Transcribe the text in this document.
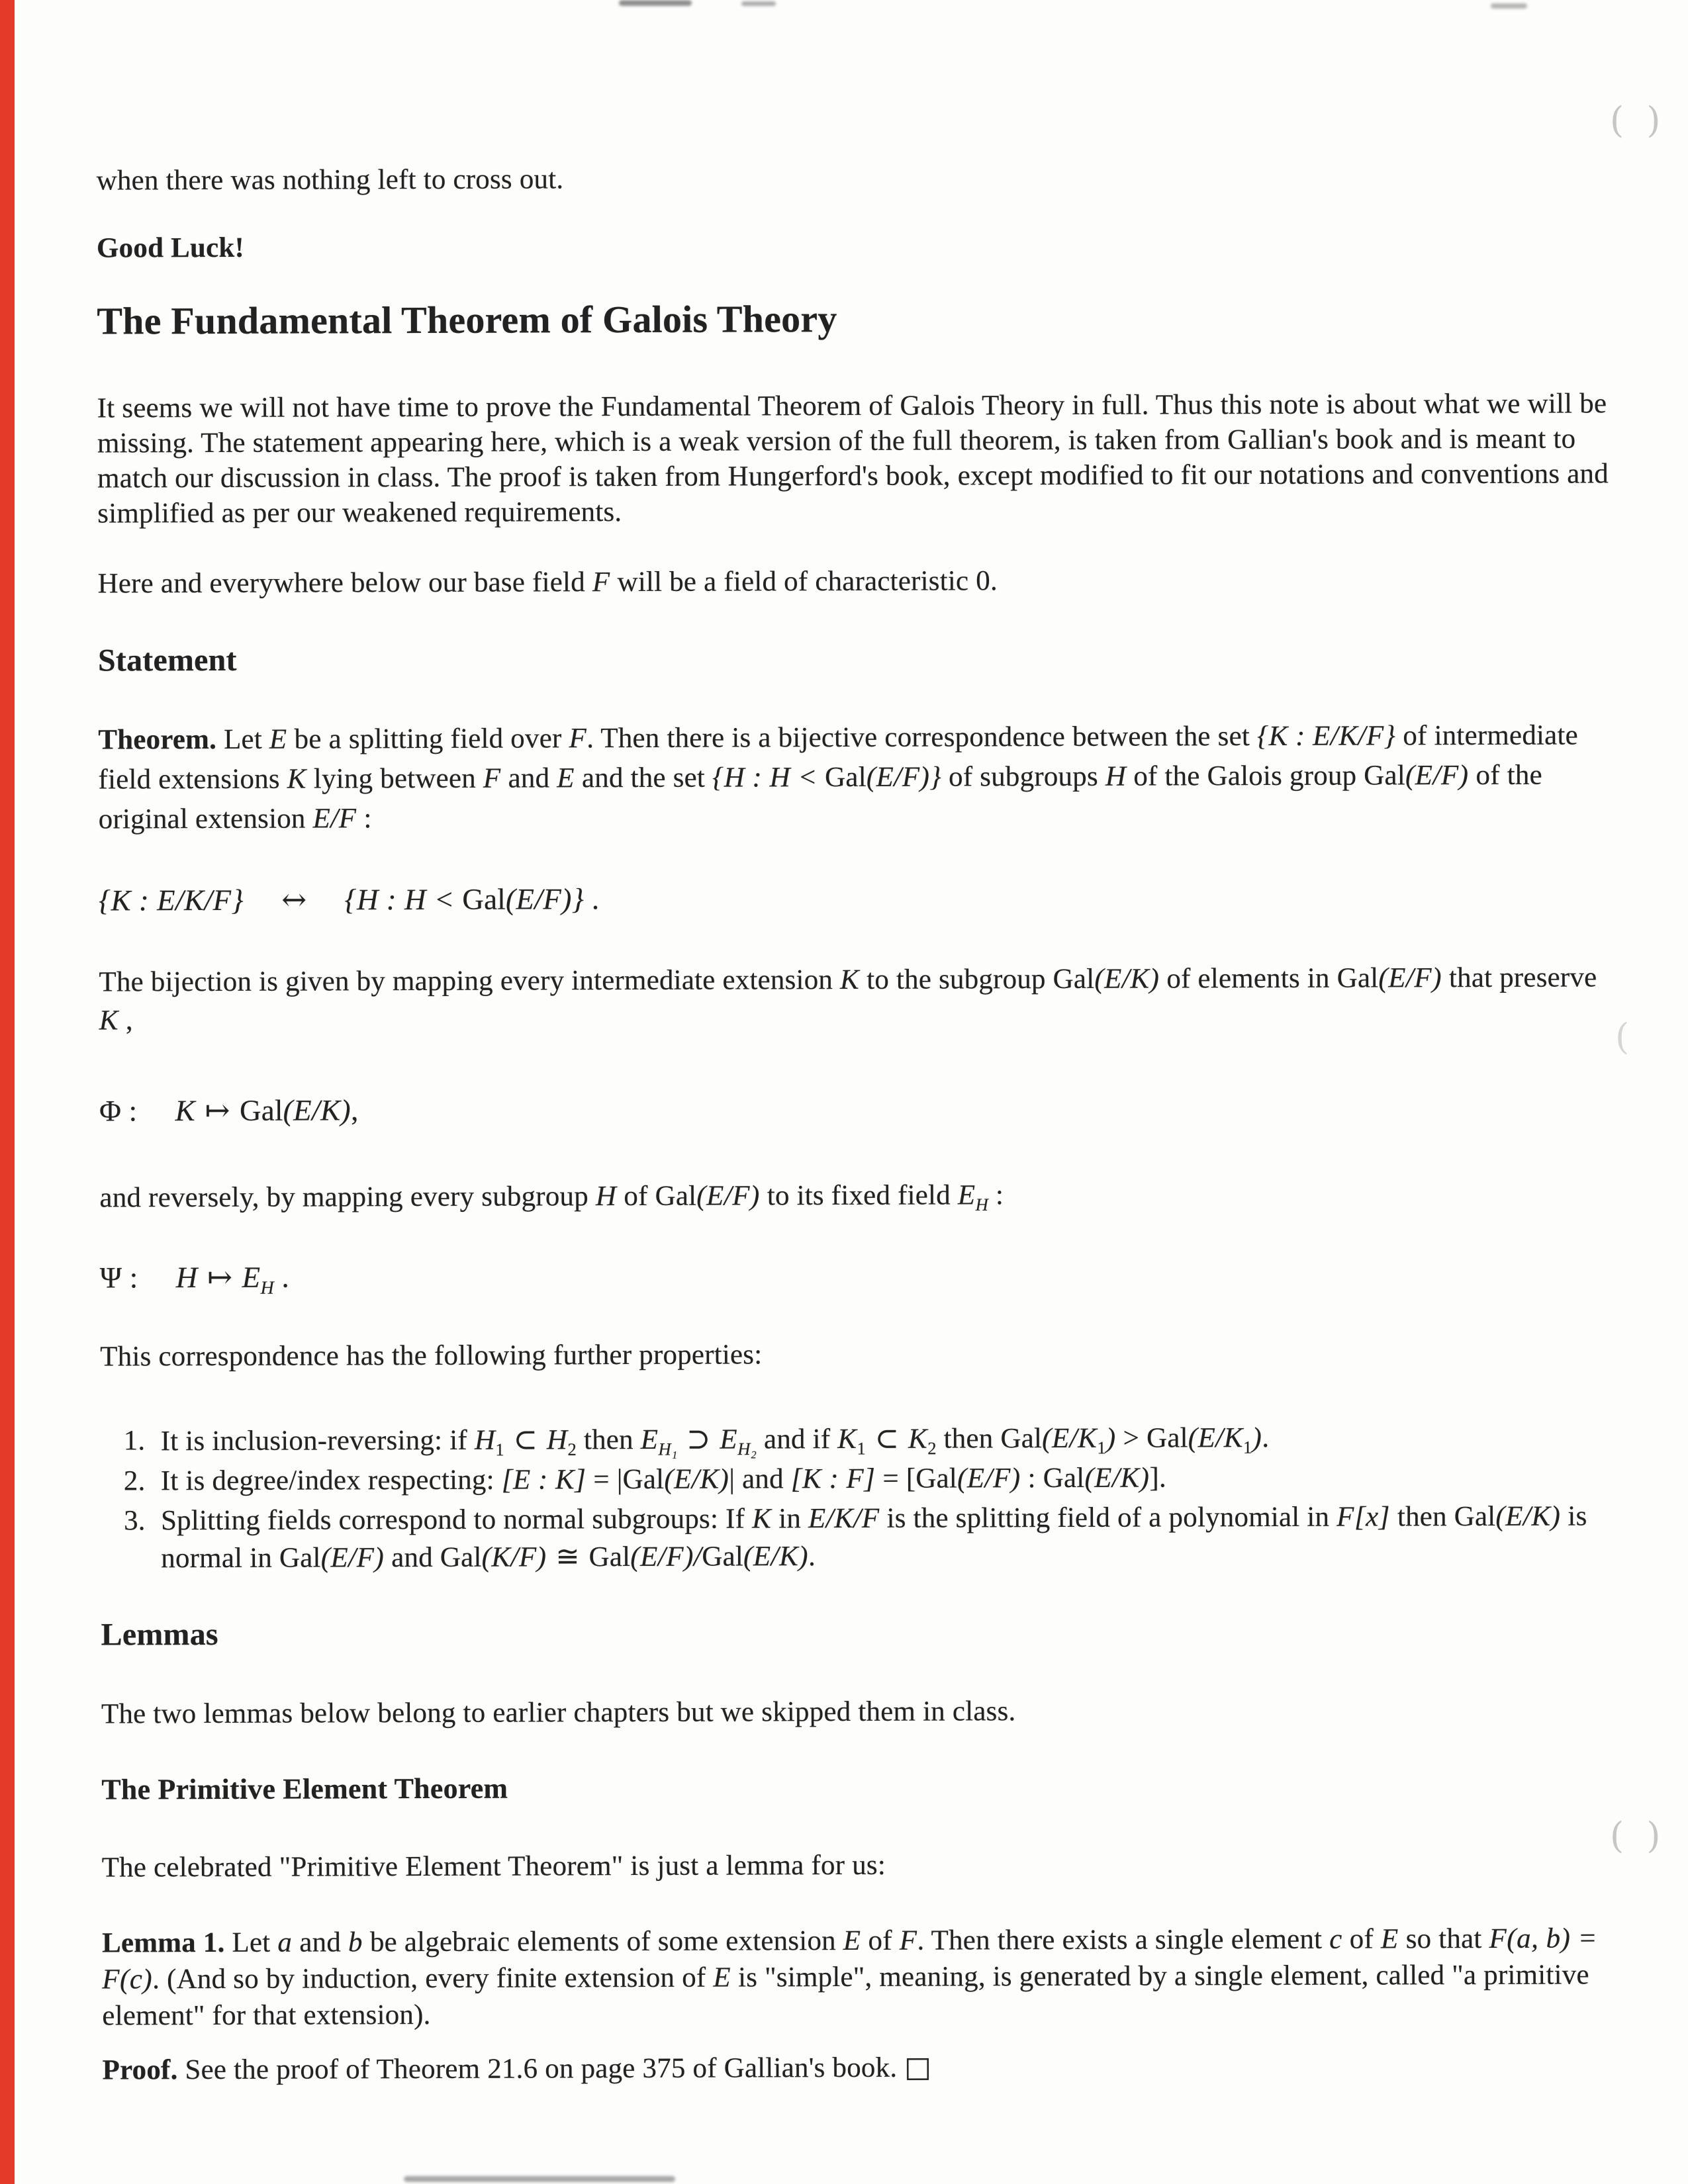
(  )
(
(  )
when there was nothing left to cross out.
Good Luck!
The Fundamental Theorem of Galois Theory
It seems we will not have time to prove the Fundamental Theorem of Galois Theory in full. Thus this note is about what we will be missing. The statement appearing here, which is a weak version of the full theorem, is taken from Gallian's book and is meant to match our discussion in class. The proof is taken from Hungerford's book, except modified to fit our notations and conventions and simplified as per our weakened requirements.
Here and everywhere below our base field F will be a field of characteristic 0.
Statement
Theorem. Let E be a splitting field over F. Then there is a bijective correspondence between the set {K : E/K/F} of intermediate field extensions K lying between F and E and the set {H : H < Gal(E/F)} of subgroups H of the Galois group Gal(E/F) of the original extension E/F :
{K : E/K/F} ↔ {H : H < Gal(E/F)} .
The bijection is given by mapping every intermediate extension K to the subgroup Gal(E/K) of elements in Gal(E/F) that preserve K ,
Φ : K ↦ Gal(E/K),
and reversely, by mapping every subgroup H of Gal(E/F) to its fixed field $E_H$ :
Ψ : H ↦ $E_H$ .
This correspondence has the following further properties:
1. It is inclusion-reversing: if $H_1$ ⊂ $H_2$ then $E_{H_1}$ ⊃ $E_{H_2}$ and if $K_1$ ⊂ $K_2$ then $Gal(E/K_1) > Gal(E/K_1)$.
2. It is degree/index respecting: [E : K] = |Gal(E/K)| and [K : F] = [Gal(E/F) : Gal(E/K)].
3. Splitting fields correspond to normal subgroups: If K in E/K/F is the splitting field of a polynomial in F[x] then Gal(E/K) is normal in Gal(E/F) and Gal(K/F) ≅ Gal(E/F)/Gal(E/K).
Lemmas
The two lemmas below belong to earlier chapters but we skipped them in class.
The Primitive Element Theorem
The celebrated "Primitive Element Theorem" is just a lemma for us:
Lemma 1. Let a and b be algebraic elements of some extension E of F. Then there exists a single element c of E so that F(a, b) = F(c). (And so by induction, every finite extension of E is "simple", meaning, is generated by a single element, called "a primitive element" for that extension).
Proof. See the proof of Theorem 21.6 on page 375 of Gallian's book. □
